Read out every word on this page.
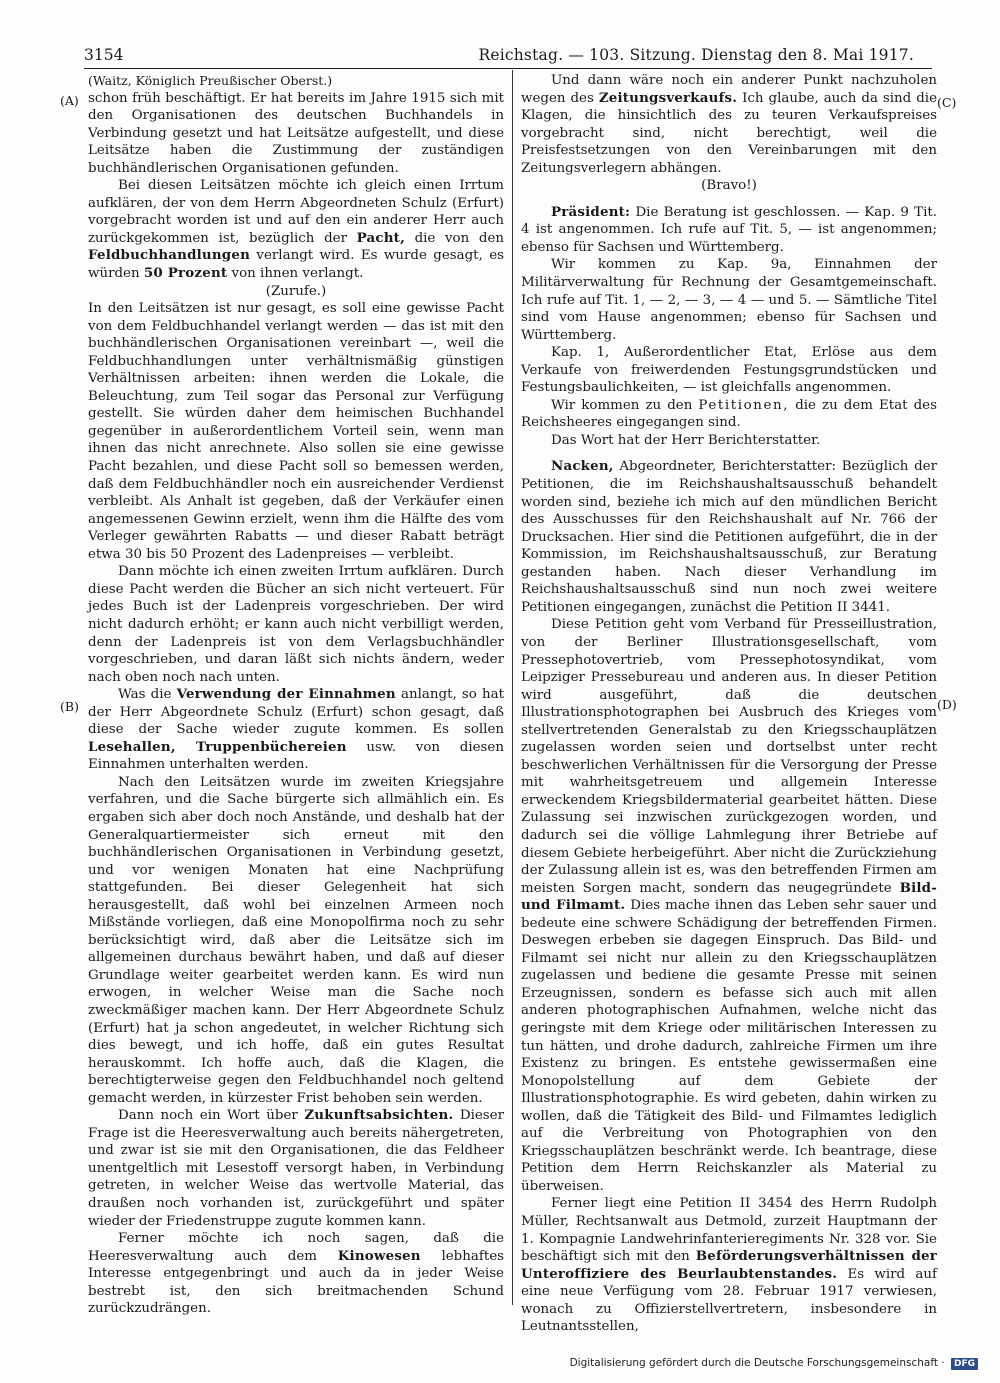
3154	Reichstag. — 103. Sitzung. Dienstag den 8. Mai 1917.
(A)
(B)
(C)
(D)

(Waitz, Königlich Preußischer Oberst.)

schon früh beschäftigt. Er hat bereits im Jahre 1915 sich mit den Organisationen des deutschen Buchhandels in Verbindung gesetzt und hat Leitsätze aufgestellt, und diese Leitsätze haben die Zustimmung der zuständigen buchhändlerischen Organisationen gefunden.

Bei diesen Leitsätzen möchte ich gleich einen Irrtum aufklären, der von dem Herrn Abgeordneten Schulz (Erfurt) vorgebracht worden ist und auf den ein anderer Herr auch zurückgekommen ist, bezüglich der Pacht, die von den Feldbuchhandlungen verlangt wird. Es wurde gesagt, es würden 50 Prozent von ihnen verlangt.

(Zurufe.)

In den Leitsätzen ist nur gesagt, es soll eine gewisse Pacht von dem Feldbuchhandel verlangt werden — das ist mit den buchhändlerischen Organisationen vereinbart —, weil die Feldbuchhandlungen unter verhältnismäßig günstigen Verhältnissen arbeiten: ihnen werden die Lokale, die Beleuchtung, zum Teil sogar das Personal zur Verfügung gestellt. Sie würden daher dem heimischen Buchhandel gegenüber in außerordentlichem Vorteil sein, wenn man ihnen das nicht anrechnete. Also sollen sie eine gewisse Pacht bezahlen, und diese Pacht soll so bemessen werden, daß dem Feldbuchhändler noch ein ausreichender Verdienst verbleibt. Als Anhalt ist gegeben, daß der Verkäufer einen angemessenen Gewinn erzielt, wenn ihm die Hälfte des vom Verleger gewährten Rabatts — und dieser Rabatt beträgt etwa 30 bis 50 Prozent des Ladenpreises — verbleibt.

Dann möchte ich einen zweiten Irrtum aufklären. Durch diese Pacht werden die Bücher an sich nicht verteuert. Für jedes Buch ist der Ladenpreis vorgeschrieben. Der wird nicht dadurch erhöht; er kann auch nicht verbilligt werden, denn der Ladenpreis ist von dem Verlagsbuchhändler vorgeschrieben, und daran läßt sich nichts ändern, weder nach oben noch nach unten.

Was die Verwendung der Einnahmen anlangt, so hat der Herr Abgeordnete Schulz (Erfurt) schon gesagt, daß diese der Sache wieder zugute kommen. Es sollen Lesehallen, Truppenbüchereien usw. von diesen Einnahmen unterhalten werden.

Nach den Leitsätzen wurde im zweiten Kriegsjahre verfahren, und die Sache bürgerte sich allmählich ein. Es ergaben sich aber doch noch Anstände, und deshalb hat der Generalquartiermeister sich erneut mit den buchhändlerischen Organisationen in Verbindung gesetzt, und vor wenigen Monaten hat eine Nachprüfung stattgefunden. Bei dieser Gelegenheit hat sich herausgestellt, daß wohl bei einzelnen Armeen noch Mißstände vorliegen, daß eine Monopolfirma noch zu sehr berücksichtigt wird, daß aber die Leitsätze sich im allgemeinen durchaus bewährt haben, und daß auf dieser Grundlage weiter gearbeitet werden kann. Es wird nun erwogen, in welcher Weise man die Sache noch zweckmäßiger machen kann. Der Herr Abgeordnete Schulz (Erfurt) hat ja schon angedeutet, in welcher Richtung sich dies bewegt, und ich hoffe, daß ein gutes Resultat herauskommt. Ich hoffe auch, daß die Klagen, die berechtigterweise gegen den Feldbuchhandel noch geltend gemacht werden, in kürzester Frist behoben sein werden.

Dann noch ein Wort über Zukunftsabsichten. Dieser Frage ist die Heeresverwaltung auch bereits nähergetreten, und zwar ist sie mit den Organisationen, die das Feldheer unentgeltlich mit Lesestoff versorgt haben, in Verbindung getreten, in welcher Weise das wertvolle Material, das draußen noch vorhanden ist, zurückgeführt und später wieder der Friedenstruppe zugute kommen kann.

Ferner möchte ich noch sagen, daß die Heeresverwaltung auch dem Kinowesen lebhaftes Interesse entgegenbringt und auch da in jeder Weise bestrebt ist, den sich breitmachenden Schund zurückzudrängen.

Und dann wäre noch ein anderer Punkt nachzuholen wegen des Zeitungsverkaufs. Ich glaube, auch da sind die Klagen, die hinsichtlich des zu teuren Verkaufspreises vorgebracht sind, nicht berechtigt, weil die Preisfestsetzungen von den Vereinbarungen mit den Zeitungsverlegern abhängen.

(Bravo!)

Präsident: Die Beratung ist geschlossen. — Kap. 9 Tit. 4 ist angenommen. Ich rufe auf Tit. 5, — ist angenommen; ebenso für Sachsen und Württemberg.

Wir kommen zu Kap. 9a, Einnahmen der Militärverwaltung für Rechnung der Gesamtgemeinschaft. Ich rufe auf Tit. 1, — 2, — 3, — 4 — und 5. — Sämtliche Titel sind vom Hause angenommen; ebenso für Sachsen und Württemberg.

Kap. 1, Außerordentlicher Etat, Erlöse aus dem Verkaufe von freiwerdenden Festungsgrundstücken und Festungsbaulichkeiten, — ist gleichfalls angenommen.

Wir kommen zu den Petitionen, die zu dem Etat des Reichsheeres eingegangen sind.

Das Wort hat der Herr Berichterstatter.

Nacken, Abgeordneter, Berichterstatter: Bezüglich der Petitionen, die im Reichshaushaltsausschuß behandelt worden sind, beziehe ich mich auf den mündlichen Bericht des Ausschusses für den Reichshaushalt auf Nr. 766 der Drucksachen. Hier sind die Petitionen aufgeführt, die in der Kommission, im Reichshaushaltsausschuß, zur Beratung gestanden haben. Nach dieser Verhandlung im Reichshaushaltsausschuß sind nun noch zwei weitere Petitionen eingegangen, zunächst die Petition II 3441.

Diese Petition geht vom Verband für Presseillustration, von der Berliner Illustrationsgesellschaft, vom Pressephotovertrieb, vom Pressephotosyndikat, vom Leipziger Pressebureau und anderen aus. In dieser Petition wird ausgeführt, daß die deutschen Illustrationsphotographen bei Ausbruch des Krieges vom stellvertretenden Generalstab zu den Kriegsschauplätzen zugelassen worden seien und dortselbst unter recht beschwerlichen Verhältnissen für die Versorgung der Presse mit wahrheitsgetreuem und allgemein Interesse erweckendem Kriegsbildermaterial gearbeitet hätten. Diese Zulassung sei inzwischen zurückgezogen worden, und dadurch sei die völlige Lahmlegung ihrer Betriebe auf diesem Gebiete herbeigeführt. Aber nicht die Zurückziehung der Zulassung allein ist es, was den betreffenden Firmen am meisten Sorgen macht, sondern das neugegründete Bild- und Filmamt. Dies mache ihnen das Leben sehr sauer und bedeute eine schwere Schädigung der betreffenden Firmen. Deswegen erbeben sie dagegen Einspruch. Das Bild- und Filmamt sei nicht nur allein zu den Kriegsschauplätzen zugelassen und bediene die gesamte Presse mit seinen Erzeugnissen, sondern es befasse sich auch mit allen anderen photographischen Aufnahmen, welche nicht das geringste mit dem Kriege oder militärischen Interessen zu tun hätten, und drohe dadurch, zahlreiche Firmen um ihre Existenz zu bringen. Es entstehe gewissermaßen eine Monopolstellung auf dem Gebiete der Illustrationsphotographie. Es wird gebeten, dahin wirken zu wollen, daß die Tätigkeit des Bild- und Filmamtes lediglich auf die Verbreitung von Photographien von den Kriegsschauplätzen beschränkt werde. Ich beantrage, diese Petition dem Herrn Reichskanzler als Material zu überweisen.

Ferner liegt eine Petition II 3454 des Herrn Rudolph Müller, Rechtsanwalt aus Detmold, zurzeit Hauptmann der 1. Kompagnie Landwehrinfanterieregiments Nr. 328 vor. Sie beschäftigt sich mit den Beförderungsverhältnissen der Unteroffiziere des Beurlaubtenstandes. Es wird auf eine neue Verfügung vom 28. Februar 1917 verwiesen, wonach zu Offizierstellvertretern, insbesondere in Leutnantsstellen,

Digitalisierung gefördert durch die Deutsche Forschungsgemeinschaft · DFG
